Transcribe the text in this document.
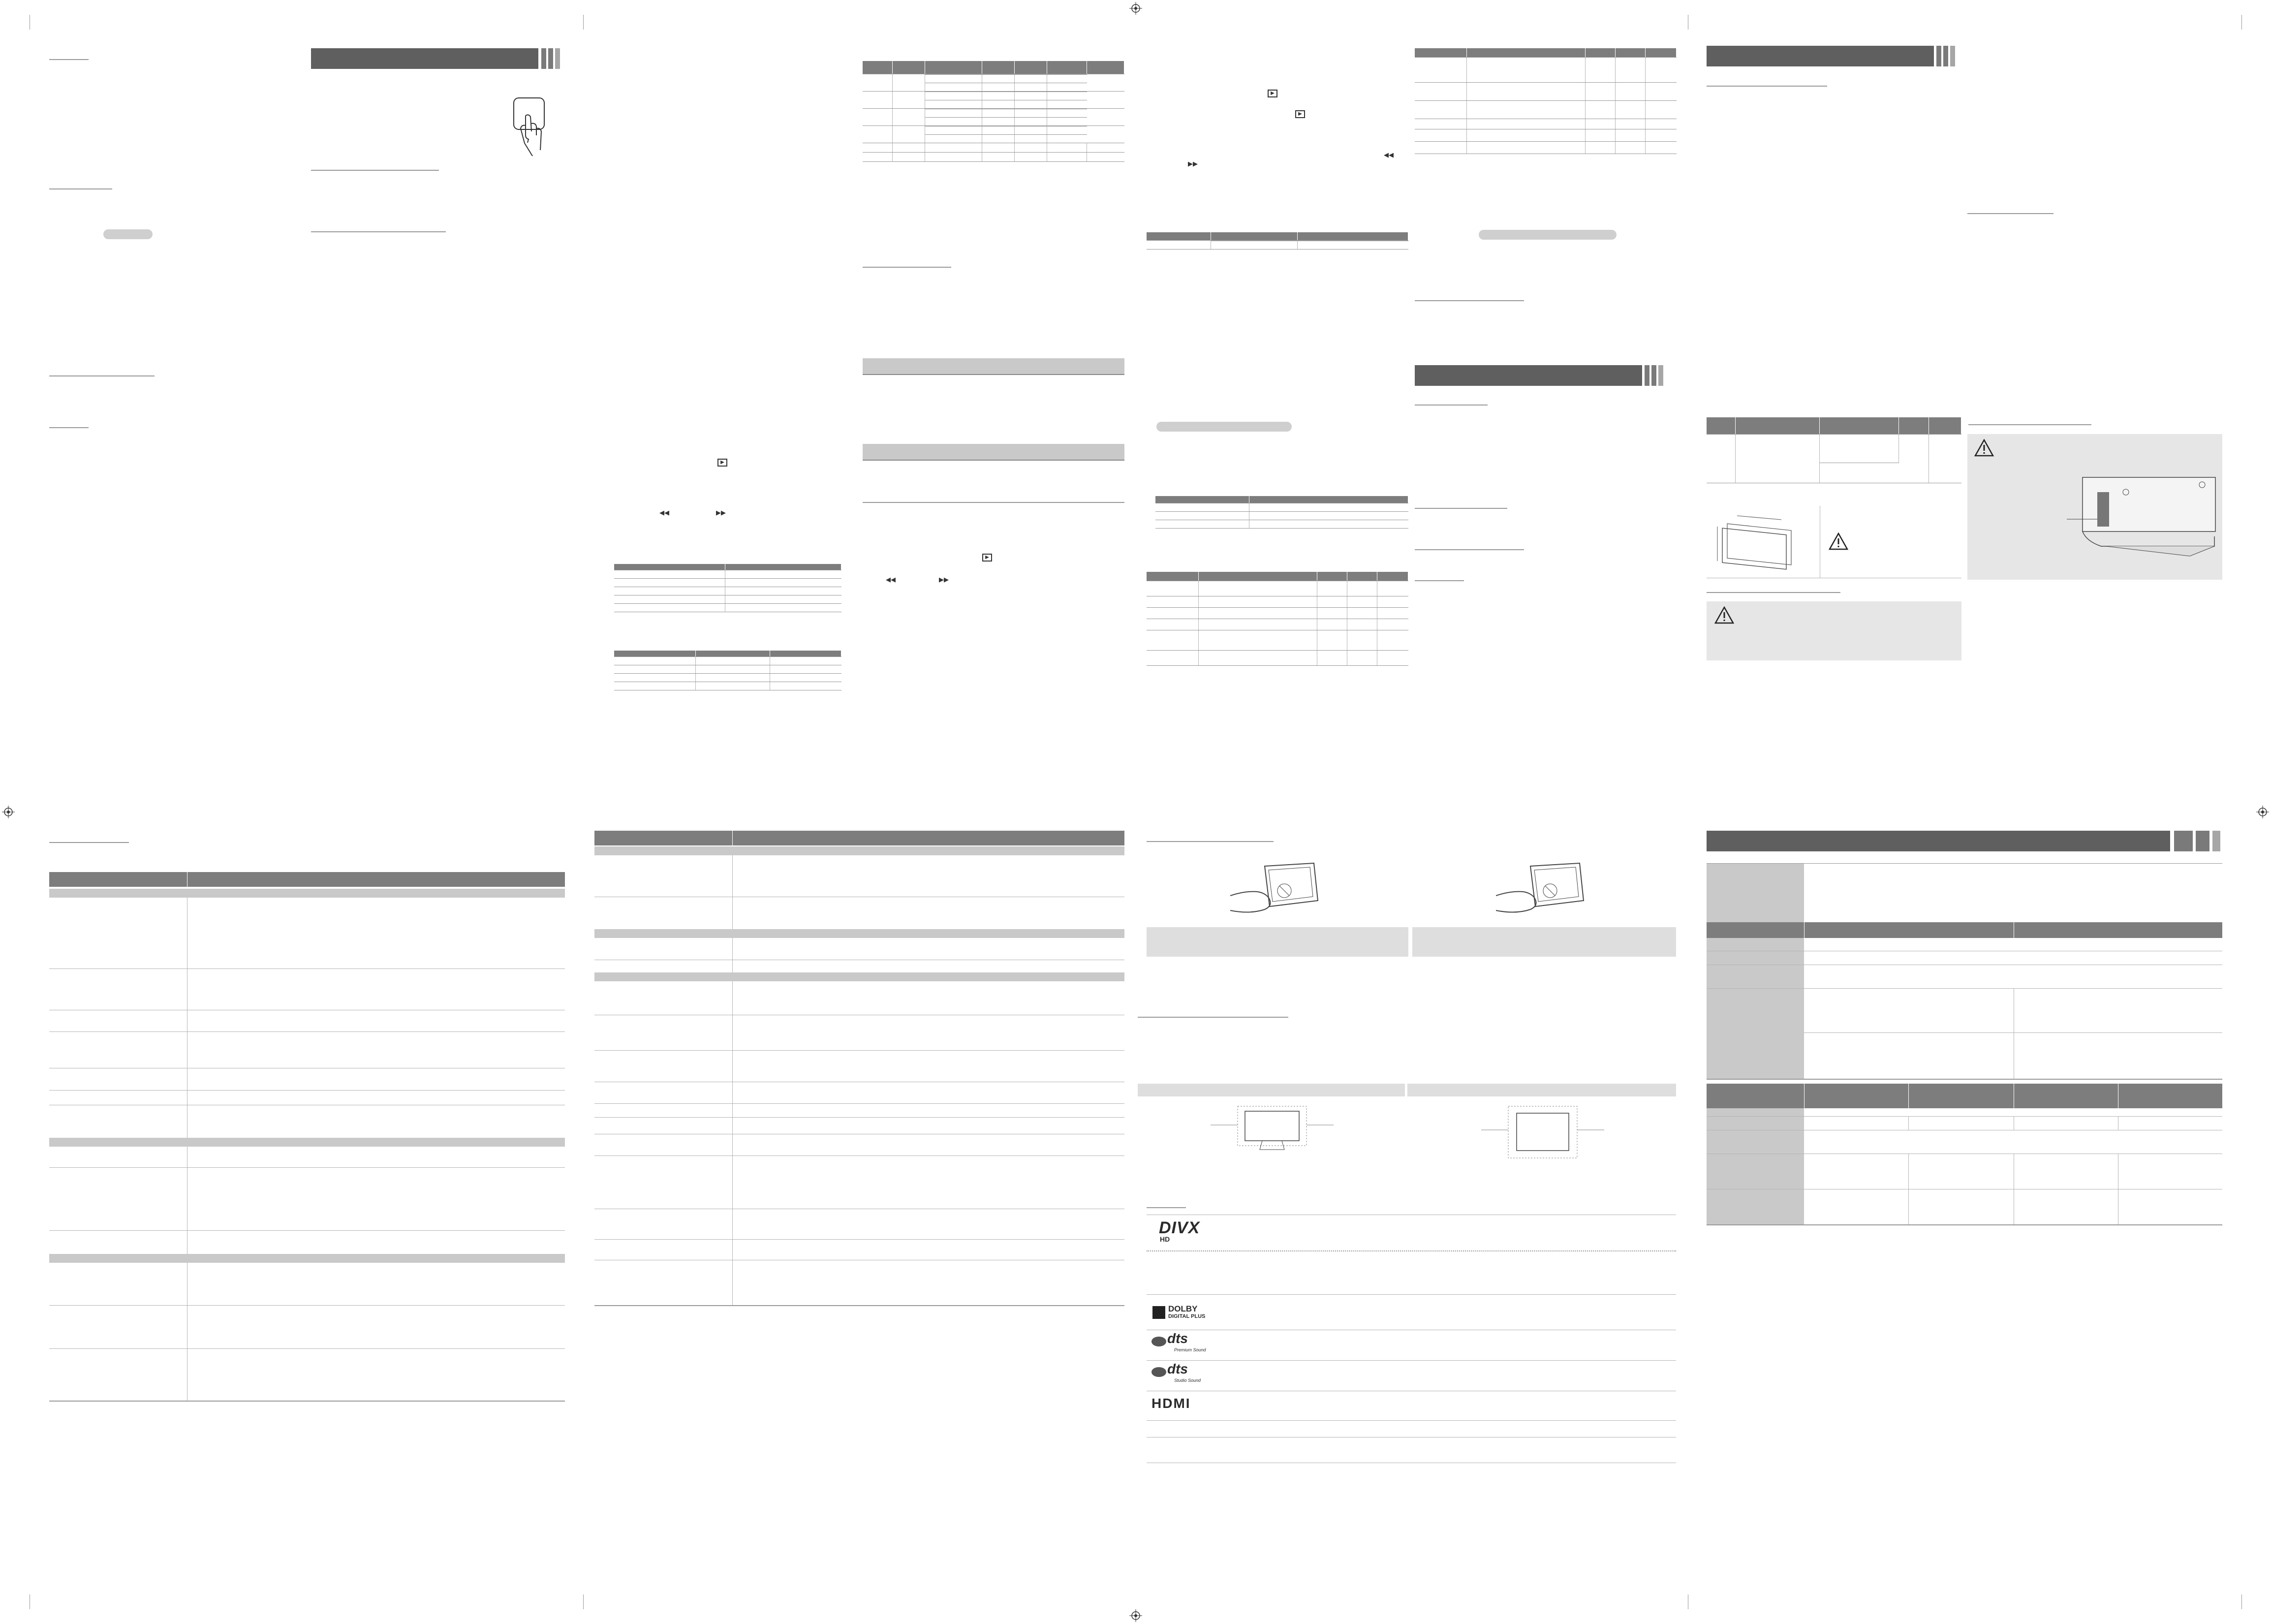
▶
◀◀	▶▶

▶
◀◀	▶▶
▶
▶
◀◀
▶▶

DIVX
HD
DOLBY
DIGITAL PLUS
dts
Premium Sound
dts
Studio Sound
HDMI
